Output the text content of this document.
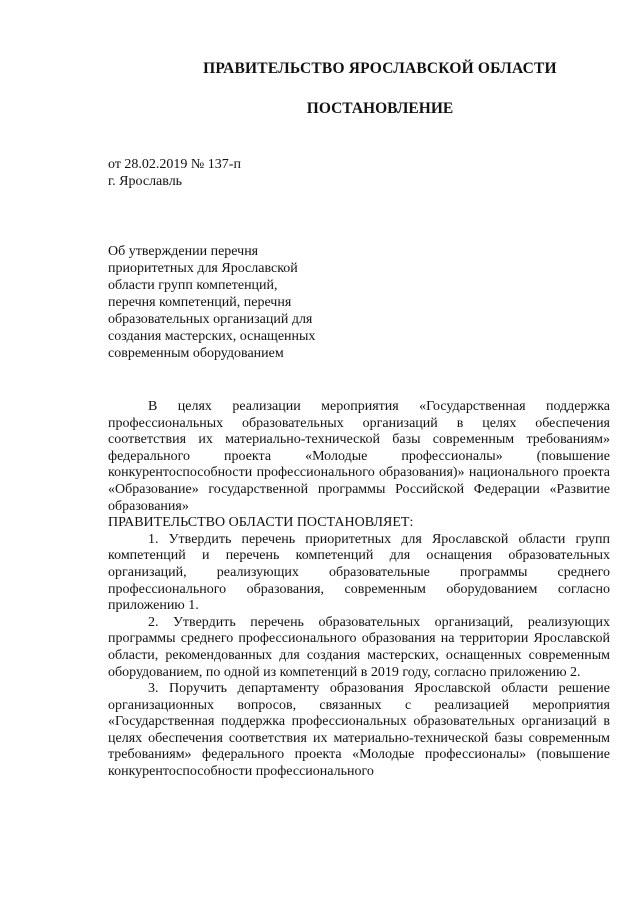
ПРАВИТЕЛЬСТВО ЯРОСЛАВСКОЙ ОБЛАСТИ
ПОСТАНОВЛЕНИЕ
от 28.02.2019 № 137-п
г. Ярославль
Об утверждении перечня
приоритетных для Ярославской
области групп компетенций,
перечня компетенций, перечня
образовательных организаций для
создания мастерских, оснащенных
современным оборудованием

В целях реализации мероприятия «Государственная поддержка профессиональных образовательных организаций в целях обеспечения соответствия их материально-технической базы современным требованиям» федерального проекта «Молодые профессионалы» (повышение конкурентоспособности профессионального образования)» национального проекта «Образование» государственной программы Российской Федерации «Развитие образования»

ПРАВИТЕЛЬСТВО ОБЛАСТИ ПОСТАНОВЛЯЕТ:

1. Утвердить перечень приоритетных для Ярославской области групп компетенций и перечень компетенций для оснащения образовательных организаций, реализующих образовательные программы среднего профессионального образования, современным оборудованием согласно приложению 1.

2. Утвердить перечень образовательных организаций, реализующих программы среднего профессионального образования на территории Ярославской области, рекомендованных для создания мастерских, оснащенных современным оборудованием, по одной из компетенций в 2019 году, согласно приложению 2.

3. Поручить департаменту образования Ярославской области решение организационных вопросов, связанных с реализацией мероприятия «Государственная поддержка профессиональных образовательных организаций в целях обеспечения соответствия их материально-технической базы современным требованиям» федерального проекта «Молодые профессионалы» (повышение конкурентоспособности профессионального
